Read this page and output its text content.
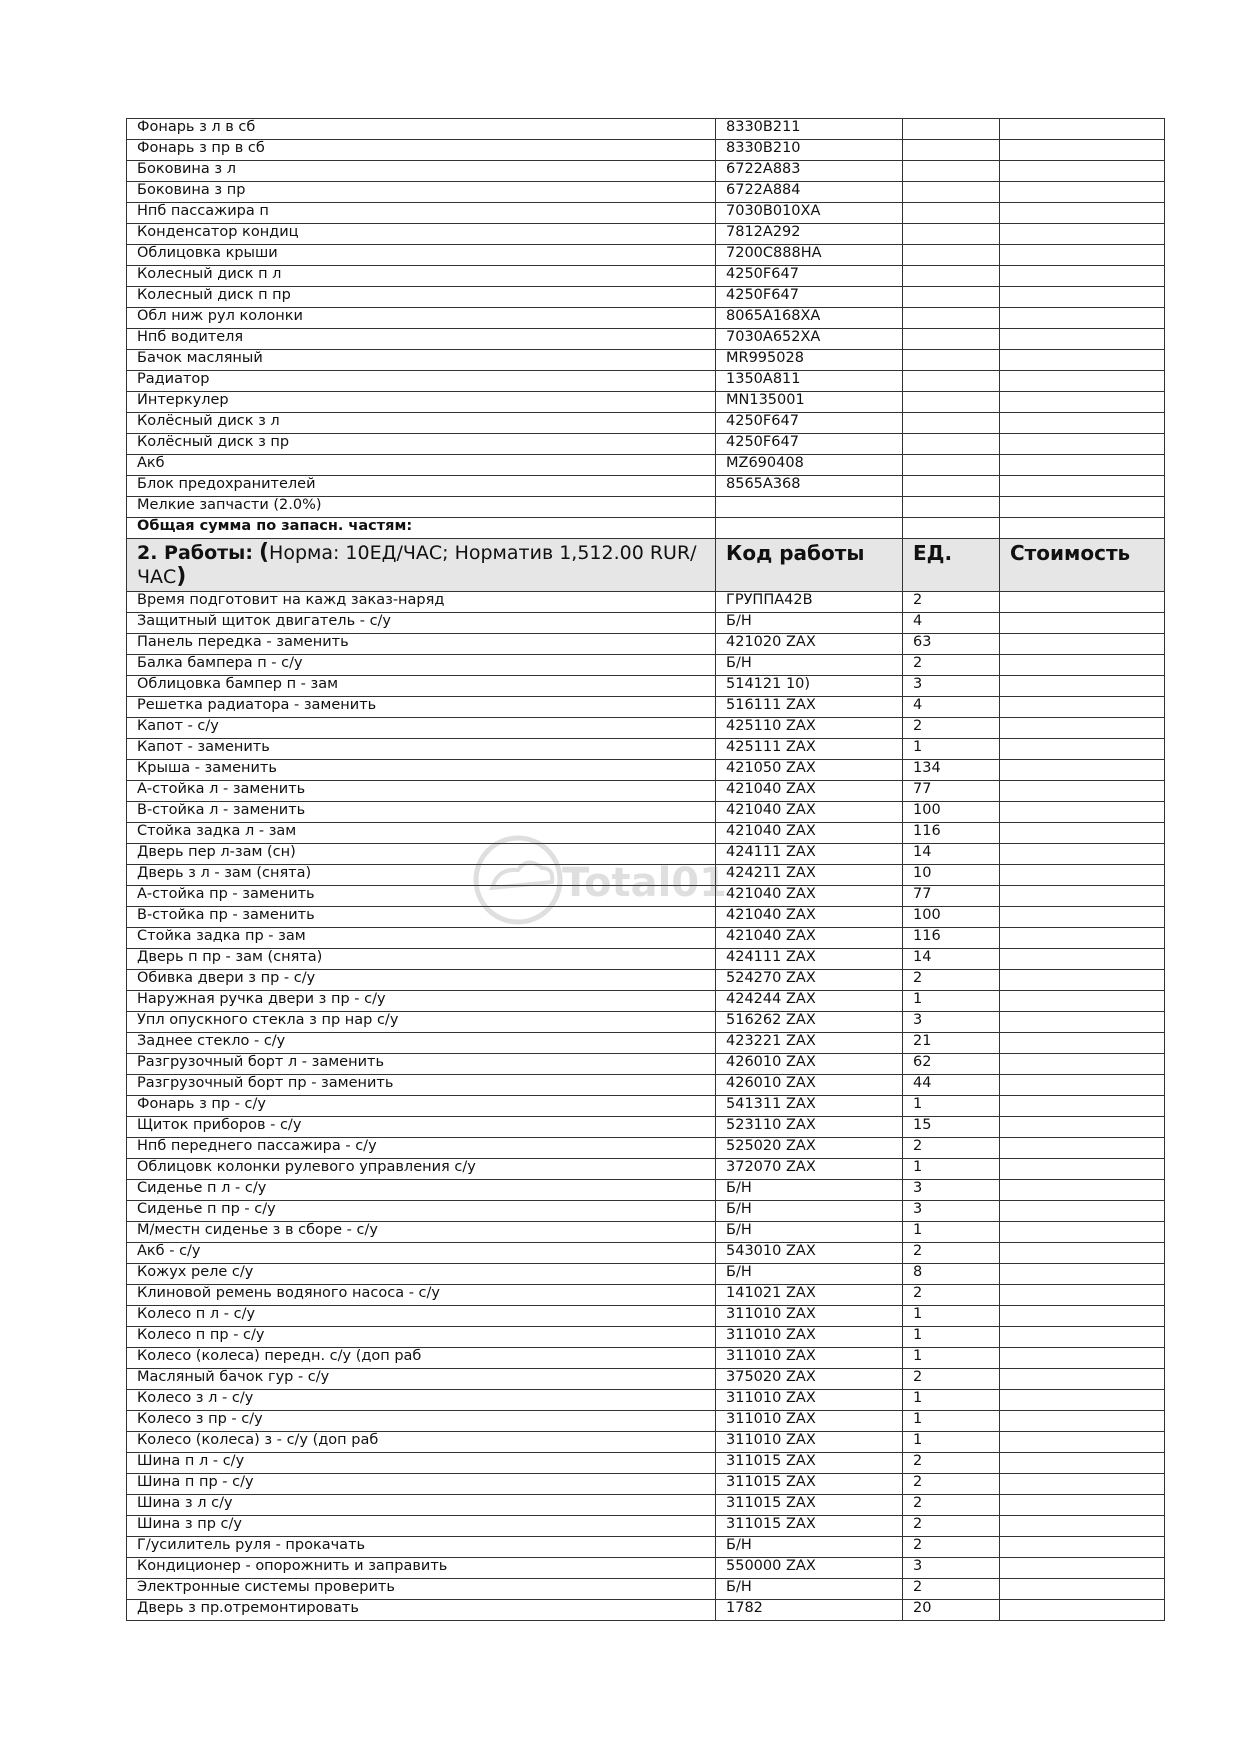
Фонарь з л в сб	8330B211		
Фонарь з пр в сб	8330B210		
Боковина з л	6722A883		
Боковина з пр	6722A884		
Нпб пассажира п	7030B010XA		
Конденсатор кондиц	7812A292		
Облицовка крыши	7200C888HA		
Колесный диск п л	4250F647		
Колесный диск п пр	4250F647		
Обл ниж рул колонки	8065A168XA		
Нпб водителя	7030A652XA		
Бачок масляный	MR995028		
Радиатор	1350A811		
Интеркулер	MN135001		
Колёсный диск з л	4250F647		
Колёсный диск з пр	4250F647		
Акб	MZ690408		
Блок предохранителей	8565A368		
Мелкие запчасти (2.0%)			
Общая сумма по запасн. частям:			
2. Работы: (Норма: 10ЕД/ЧАС; Норматив 1,512.00 RUR/ЧАС)	Код работы	ЕД.	Стоимость
Время подготовит на кажд заказ-наряд	ГРУППА42В	2	
Защитный щиток двигатель - с/у	Б/Н	4	
Панель передка - заменить	421020 ZAX	63	
Балка бампера п - с/у	Б/Н	2	
Облицовка бампер п - зам	514121 10)	3	
Решетка радиатора - заменить	516111 ZAX	4	
Капот - с/у	425110 ZAX	2	
Капот - заменить	425111 ZAX	1	
Крыша - заменить	421050 ZAX	134	
А-стойка л - заменить	421040 ZAX	77	
В-стойка л - заменить	421040 ZAX	100	
Стойка задка л - зам	421040 ZAX	116	
Дверь пер л-зам (сн)	424111 ZAX	14	
Дверь з л - зам (снята)	424211 ZAX	10	
А-стойка пр - заменить	421040 ZAX	77	
В-стойка пр - заменить	421040 ZAX	100	
Стойка задка пр - зам	421040 ZAX	116	
Дверь п пр - зам (снята)	424111 ZAX	14	
Обивка двери з пр - с/у	524270 ZAX	2	
Наружная ручка двери з пр - с/у	424244 ZAX	1	
Упл опускного стекла з пр нар с/у	516262 ZAX	3	
Заднее стекло - с/у	423221 ZAX	21	
Разгрузочный борт л - заменить	426010 ZAX	62	
Разгрузочный борт пр - заменить	426010 ZAX	44	
Фонарь з пр - с/у	541311 ZAX	1	
Щиток приборов - с/у	523110 ZAX	15	
Нпб переднего пассажира - с/у	525020 ZAX	2	
Облицовк колонки рулевого управления с/у	372070 ZAX	1	
Сиденье п л - с/у	Б/Н	3	
Сиденье п пр - с/у	Б/Н	3	
М/местн сиденье з в сборе - с/у	Б/Н	1	
Акб - с/у	543010 ZAX	2	
Кожух реле с/у	Б/Н	8	
Клиновой ремень водяного насоса - с/у	141021 ZAX	2	
Колесо п л - с/у	311010 ZAX	1	
Колесо п пр - с/у	311010 ZAX	1	
Колесо (колеса) передн. с/у (доп раб	311010 ZAX	1	
Масляный бачок гур - с/у	375020 ZAX	2	
Колесо з л - с/у	311010 ZAX	1	
Колесо з пр - с/у	311010 ZAX	1	
Колесо (колеса) з - с/у (доп раб	311010 ZAX	1	
Шина п л - с/у	311015 ZAX	2	
Шина п пр - с/у	311015 ZAX	2	
Шина з л с/у	311015 ZAX	2	
Шина з пр с/у	311015 ZAX	2	
Г/усилитель руля - прокачать	Б/Н	2	
Кондиционер - опорожнить и заправить	550000 ZAX	3	
Электронные системы проверить	Б/Н	2	
Дверь з пр.отремонтировать	1782	20	
Total01
